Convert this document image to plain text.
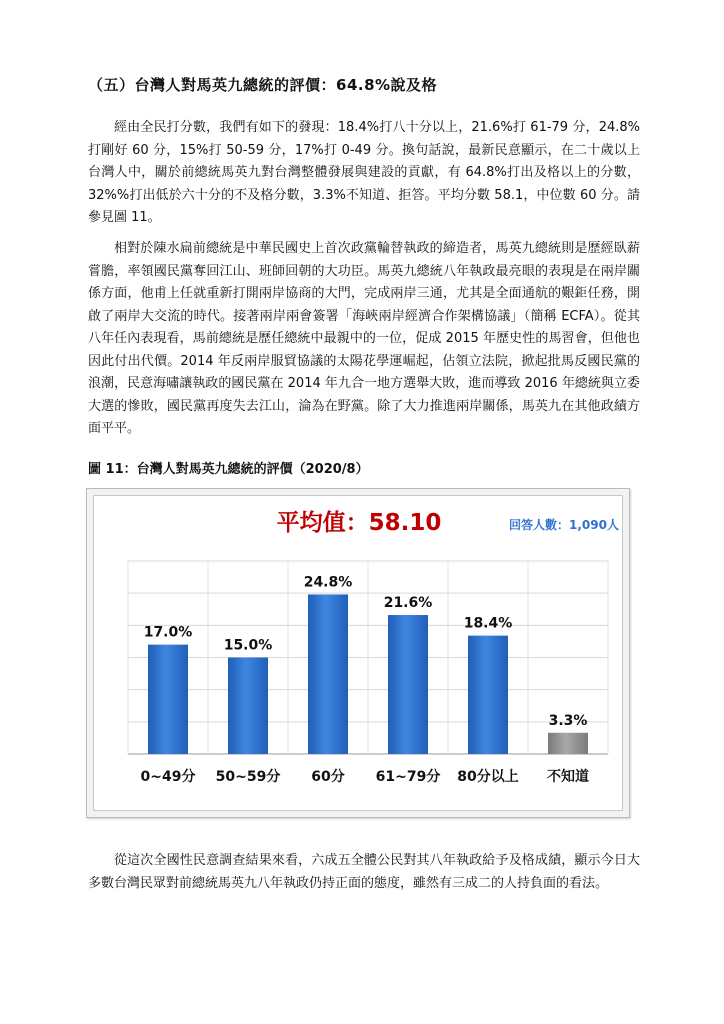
（五）台灣人對馬英九總統的評價：64.8%說及格

經由全民打分數，我們有如下的發現：18.4%打八十分以上，21.6%打 61-79 分，24.8%打剛好 60 分，15%打 50-59 分，17%打 0-49 分。換句話說，最新民意顯示，在二十歲以上台灣人中，關於前總統馬英九對台灣整體發展與建設的貢獻，有 64.8%打出及格以上的分數，32%%打出低於六十分的不及格分數，3.3%不知道、拒答。平均分數 58.1，中位數 60 分。請參見圖 11。

相對於陳水扁前總統是中華民國史上首次政黨輪替執政的締造者，馬英九總統則是歷經臥薪嘗膽，率領國民黨奪回江山、班師回朝的大功臣。馬英九總統八年執政最亮眼的表現是在兩岸關係方面，他甫上任就重新打開兩岸協商的大門，完成兩岸三通，尤其是全面通航的艱鉅任務，開啟了兩岸大交流的時代。接著兩岸兩會簽署「海峽兩岸經濟合作架構協議」（簡稱 ECFA）。從其八年任內表現看，馬前總統是歷任總統中最親中的一位，促成 2015 年歷史性的馬習會，但他也因此付出代價。2014 年反兩岸服貿協議的太陽花學運崛起，佔領立法院，掀起批馬反國民黨的浪潮，民意海嘯讓執政的國民黨在 2014 年九合一地方選舉大敗，進而導致 2016 年總統與立委大選的慘敗，國民黨再度失去江山，淪為在野黨。除了大力推進兩岸關係，馬英九在其他政績方面平平。

圖 11：台灣人對馬英九總統的評價（2020/8）
平均值：58.10	回答人數：1,090人
17.0%
0~49分
15.0%
50~59分
24.8%
60分
21.6%
61~79分
18.4%
80分以上
3.3%
不知道

從這次全國性民意調查結果來看，六成五全體公民對其八年執政給予及格成績，顯示今日大多數台灣民眾對前總統馬英九八年執政仍持正面的態度，雖然有三成二的人持負面的看法。
